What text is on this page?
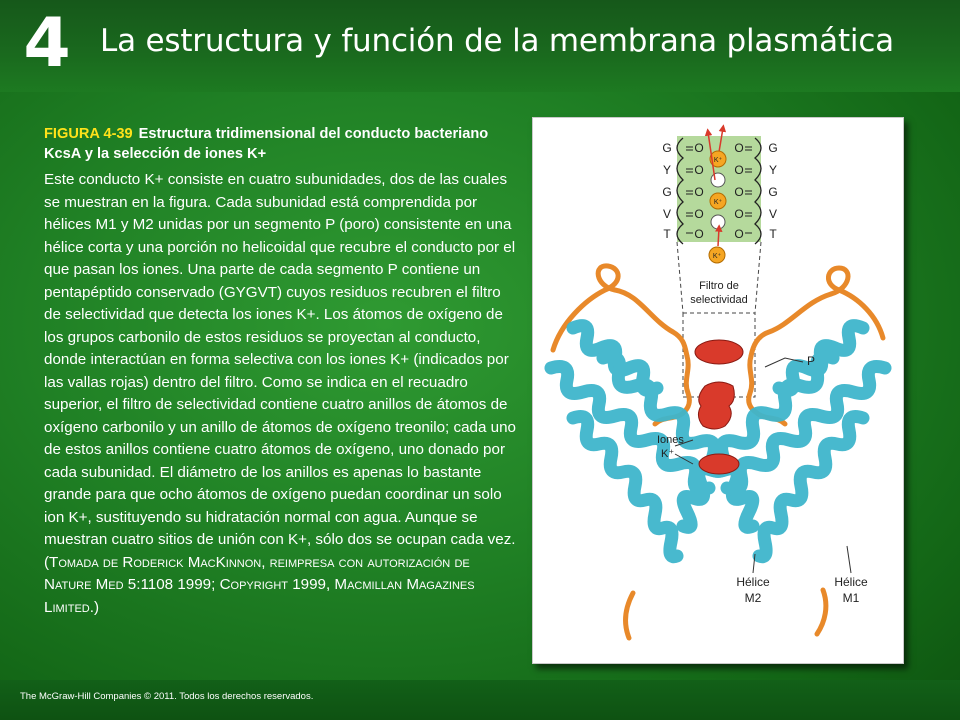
4 La estructura y función de la membrana plasmática

FIGURA 4-39 Estructura tridimensional del conducto bacteriano KcsA y la selección de iones K+

Este conducto K+ consiste en cuatro subunidades, dos de las cuales se muestran en la figura. Cada subunidad está comprendida por hélices M1 y M2 unidas por un segmento P (poro) consistente en una hélice corta y una porción no helicoidal que recubre el conducto por el que pasan los iones. Una parte de cada segmento P contiene un pentapéptido conservado (GYGVT) cuyos residuos recubren el filtro de selectividad que detecta los iones K+. Los átomos de oxígeno de los grupos carbonilo de estos residuos se proyectan al conducto, donde interactúan en forma selectiva con los iones K+ (indicados por las vallas rojas) dentro del filtro. Como se indica en el recuadro superior, el filtro de selectividad contiene cuatro anillos de átomos de oxígeno carbonilo y un anillo de átomos de oxígeno treonilo; cada uno de estos anillos contiene cuatro átomos de oxígeno, uno donado por cada subunidad. El diámetro de los anillos es apenas lo bastante grande para que ocho átomos de oxígeno puedan coordinar un solo ion K+, sustituyendo su hidratación normal con agua. Aunque se muestran cuatro sitios de unión con K+, sólo dos se ocupan cada vez. (Tomada de Roderick MacKinnon, reimpresa con autorización de Nature Med 5:1108 1999; Copyright 1999, Macmillan Magazines Limited.)

G
Y
G
V
T
G
Y
G
V
T
O
O
O
O
O
O
O
O
O
O
K⁺
K⁺
K⁺
Filtro de
selectividad
P
Iones
K⁺
Hélice
M2
Hélice
M1
The McGraw-Hill Companies © 2011. Todos los derechos reservados.
